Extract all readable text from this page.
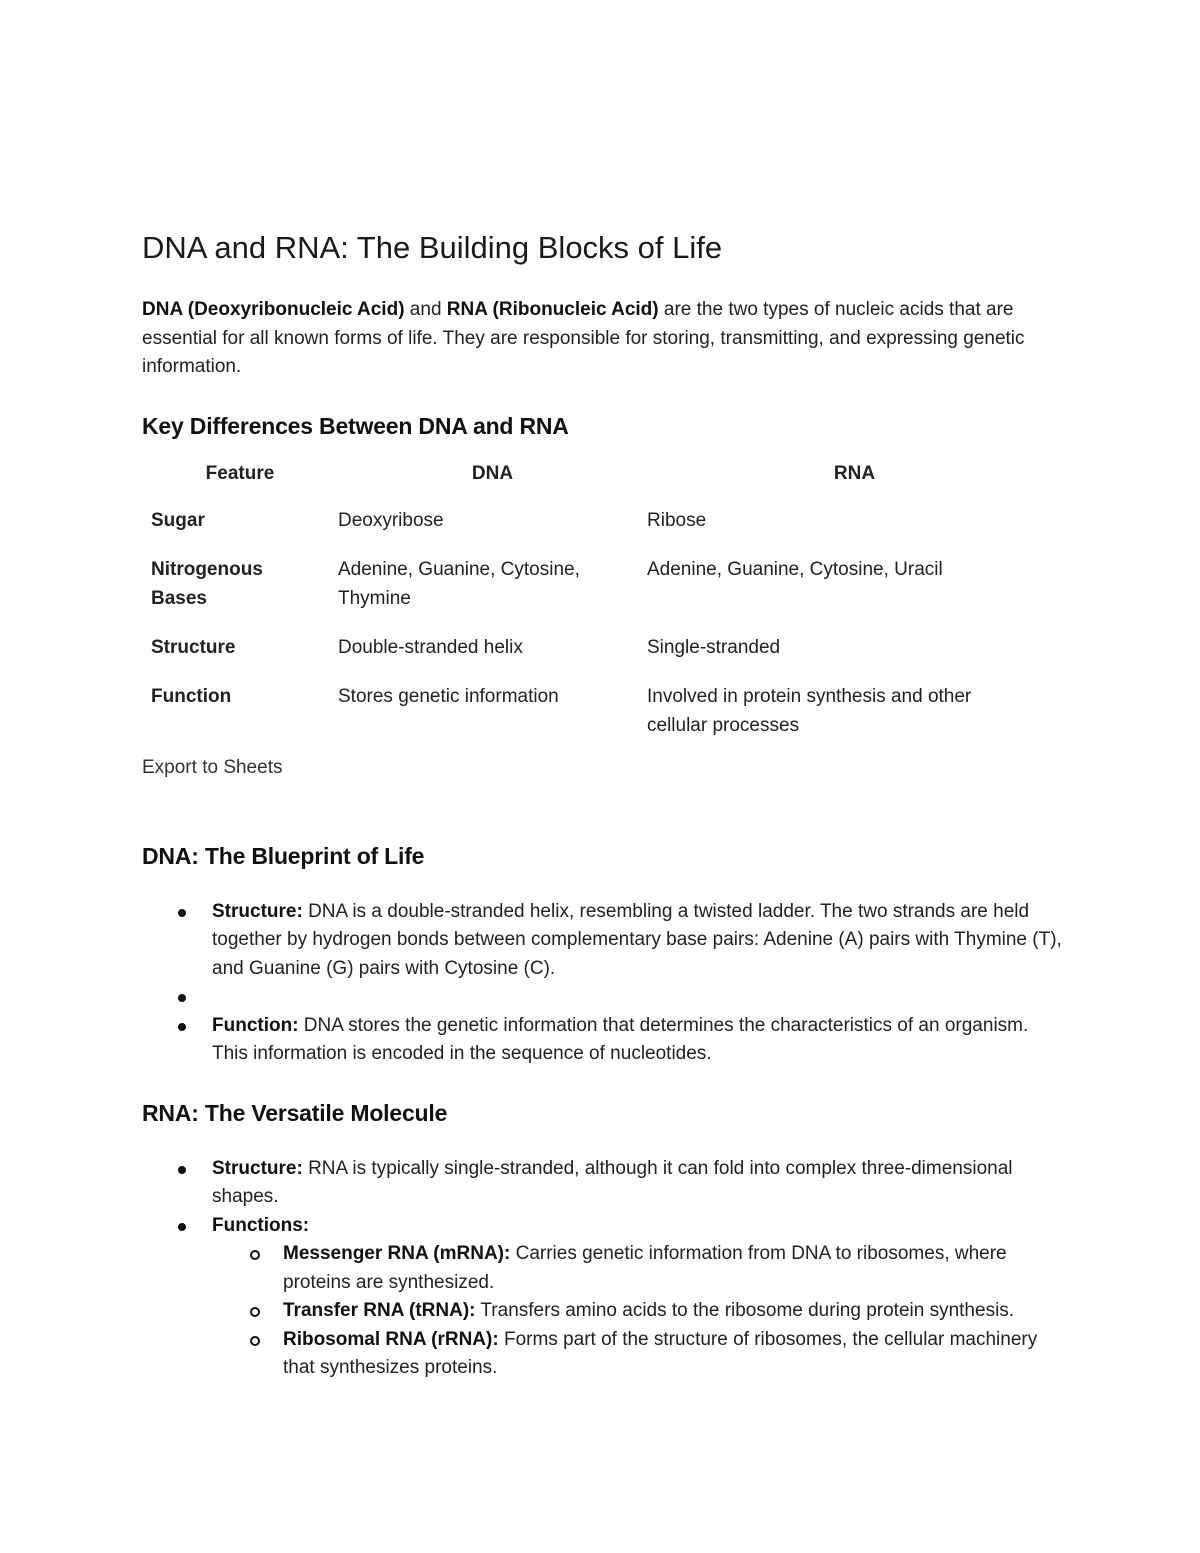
DNA and RNA: The Building Blocks of Life

DNA (Deoxyribonucleic Acid) and RNA (Ribonucleic Acid) are the two types of nucleic acids that are essential for all known forms of life. They are responsible for storing, transmitting, and expressing genetic information.

Key Differences Between DNA and RNA
Feature	DNA	RNA
Sugar	Deoxyribose	Ribose
Nitrogenous Bases	Adenine, Guanine, Cytosine, Thymine	Adenine, Guanine, Cytosine, Uracil
Structure	Double-stranded helix	Single-stranded
Function	Stores genetic information	Involved in protein synthesis and other cellular processes
Export to Sheets
DNA: The Blueprint of Life
Structure: DNA is a double-stranded helix, resembling a twisted ladder. The two strands are held together by hydrogen bonds between complementary base pairs: Adenine (A) pairs with Thymine (T), and Guanine (G) pairs with Cytosine (C).
Function: DNA stores the genetic information that determines the characteristics of an organism. This information is encoded in the sequence of nucleotides.
RNA: The Versatile Molecule
Structure: RNA is typically single-stranded, although it can fold into complex three-dimensional shapes.
Functions:
Messenger RNA (mRNA): Carries genetic information from DNA to ribosomes, where proteins are synthesized.
Transfer RNA (tRNA): Transfers amino acids to the ribosome during protein synthesis.
Ribosomal RNA (rRNA): Forms part of the structure of ribosomes, the cellular machinery that synthesizes proteins.
